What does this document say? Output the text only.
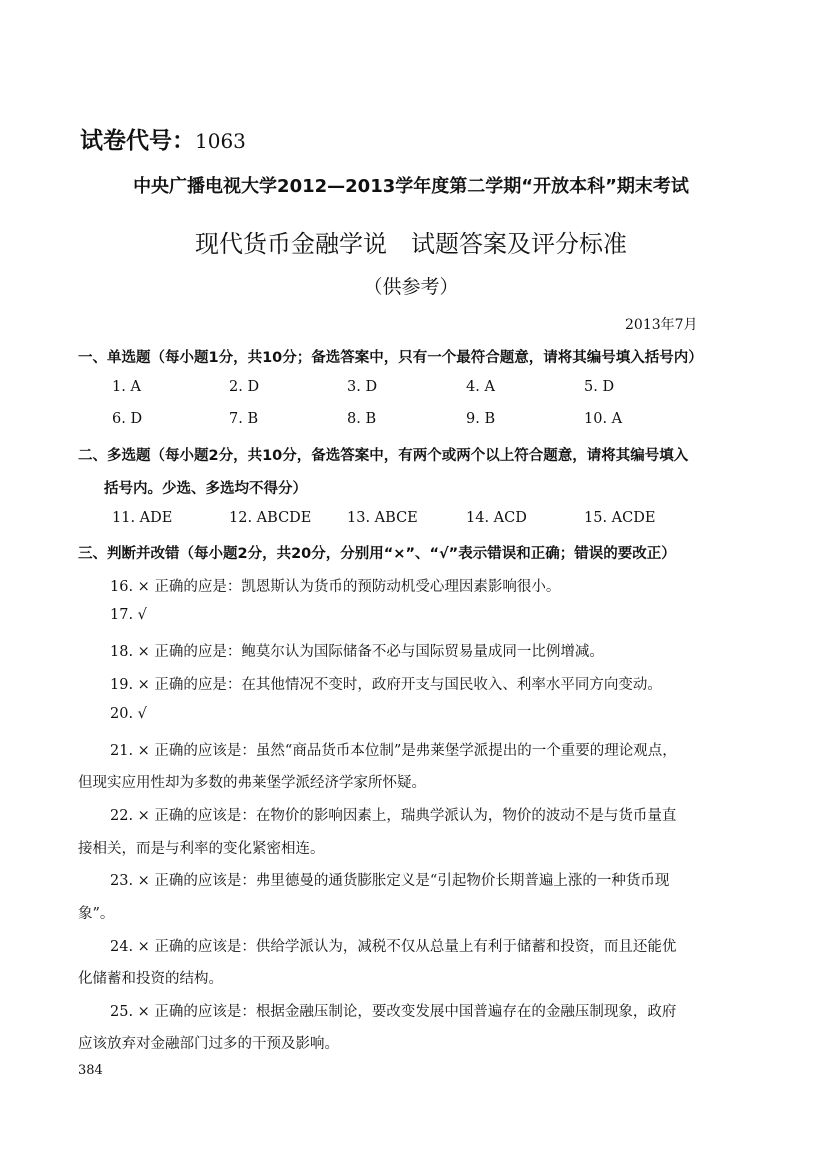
试卷代号：1063
中央广播电视大学2012—2013学年度第二学期“开放本科”期末考试
现代货币金融学说　试题答案及评分标准
（供参考）
2013年7月
一、单选题（每小题1分，共10分；备选答案中，只有一个最符合题意，请将其编号填入括号内）
1. A	2. D	3. D	4. A	5. D
6. D	7. B	8. B	9. B	10. A
二、多选题（每小题2分，共10分，备选答案中，有两个或两个以上符合题意，请将其编号填入
括号内。少选、多选均不得分）
11. ADE	12. ABCDE 13. ABCE	14. ACD	15. ACDE
三、判断并改错（每小题2分，共20分，分别用“×”、“√”表示错误和正确；错误的要改正）
16. × 正确的应是：凯恩斯认为货币的预防动机受心理因素影响很小。
17. √
18. × 正确的应是：鲍莫尔认为国际储备不必与国际贸易量成同一比例增减。
19. × 正确的应是：在其他情况不变时，政府开支与国民收入、利率水平同方向变动。
20. √
21. × 正确的应该是：虽然“商品货币本位制”是弗莱堡学派提出的一个重要的理论观点，
但现实应用性却为多数的弗莱堡学派经济学家所怀疑。
22. × 正确的应该是：在物价的影响因素上，瑞典学派认为，物价的波动不是与货币量直
接相关，而是与利率的变化紧密相连。
23. × 正确的应该是：弗里德曼的通货膨胀定义是“引起物价长期普遍上涨的一种货币现
象”。
24. × 正确的应该是：供给学派认为，减税不仅从总量上有利于储蓄和投资，而且还能优
化储蓄和投资的结构。
25. × 正确的应该是：根据金融压制论，要改变发展中国普遍存在的金融压制现象，政府
应该放弃对金融部门过多的干预及影响。
384
